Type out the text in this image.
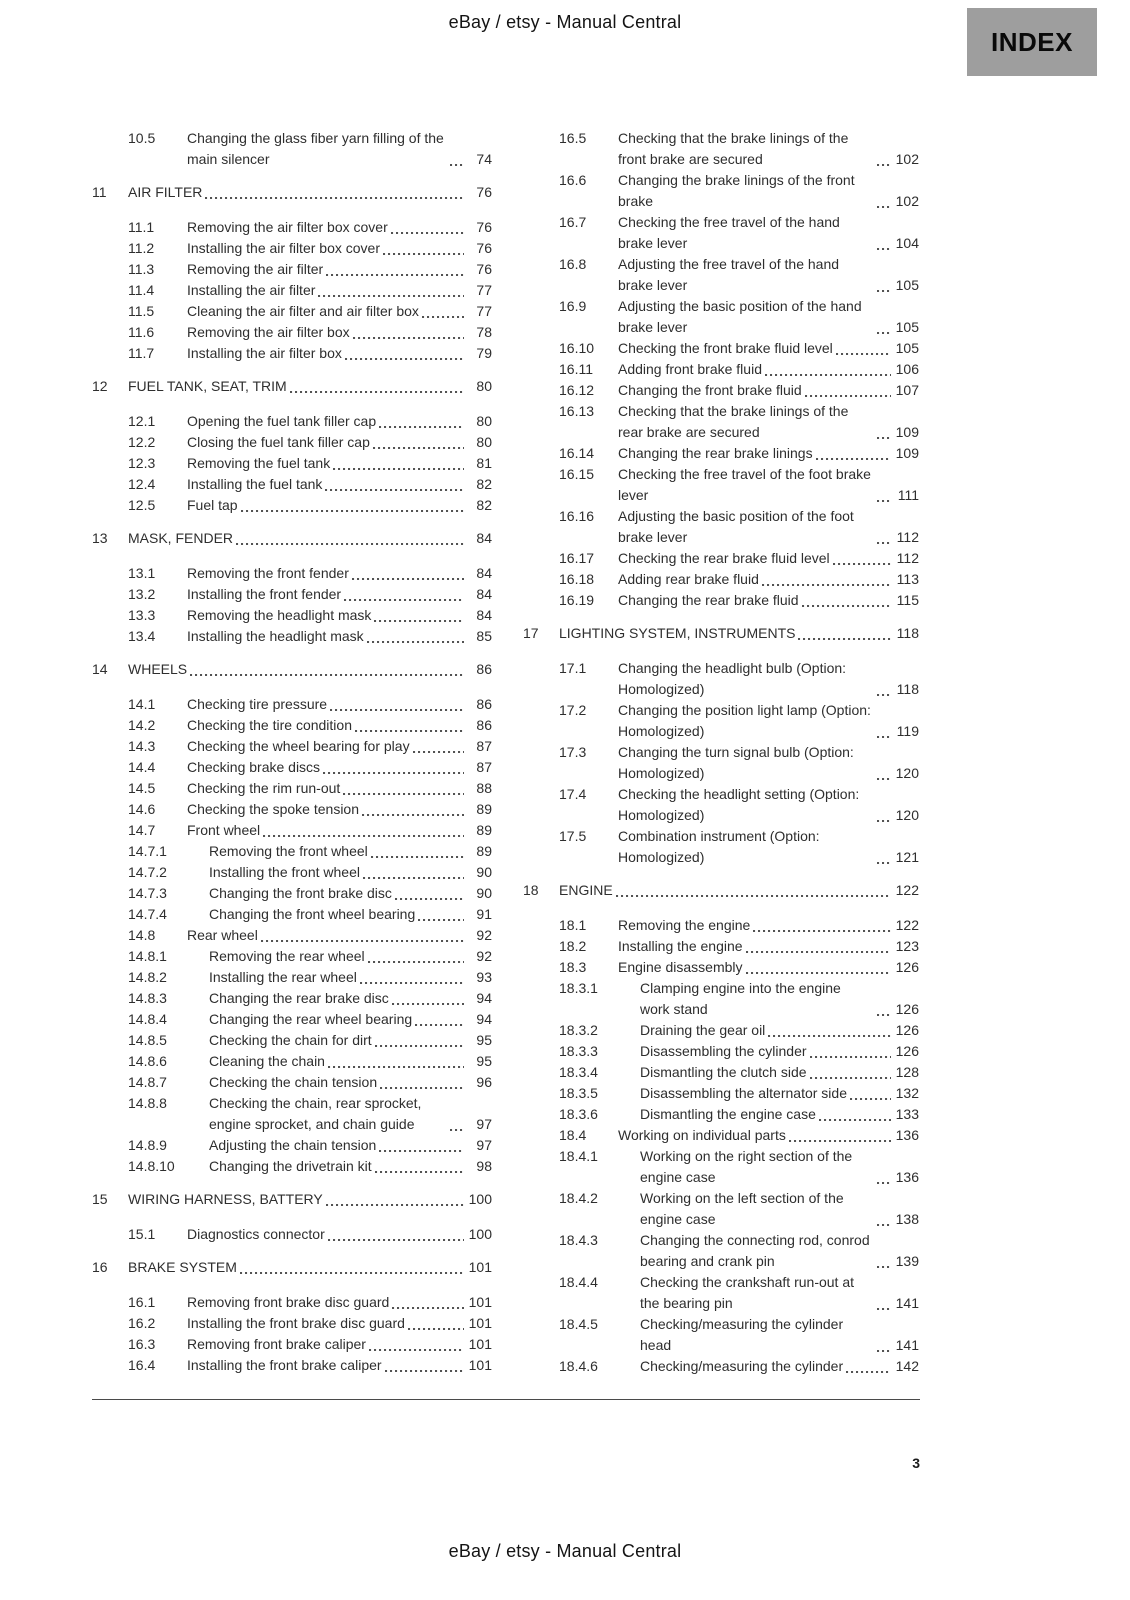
eBay / etsy - Manual Central
INDEX
10.5	Changing the glass fiber yarn filling of the main silencer	74
11	AIR FILTER	76
11.1	Removing the air filter box cover	76
11.2	Installing the air filter box cover	76
11.3	Removing the air filter	76
11.4	Installing the air filter	77
11.5	Cleaning the air filter and air filter box	77
11.6	Removing the air filter box	78
11.7	Installing the air filter box	79
12	FUEL TANK, SEAT, TRIM	80
12.1	Opening the fuel tank filler cap	80
12.2	Closing the fuel tank filler cap	80
12.3	Removing the fuel tank	81
12.4	Installing the fuel tank	82
12.5	Fuel tap	82
13	MASK, FENDER	84
13.1	Removing the front fender	84
13.2	Installing the front fender	84
13.3	Removing the headlight mask	84
13.4	Installing the headlight mask	85
14	WHEELS	86
14.1	Checking tire pressure	86
14.2	Checking the tire condition	86
14.3	Checking the wheel bearing for play	87
14.4	Checking brake discs	87
14.5	Checking the rim run-out	88
14.6	Checking the spoke tension	89
14.7	Front wheel	89
14.7.1	Removing the front wheel	89
14.7.2	Installing the front wheel	90
14.7.3	Changing the front brake disc	90
14.7.4	Changing the front wheel bearing	91
14.8	Rear wheel	92
14.8.1	Removing the rear wheel	92
14.8.2	Installing the rear wheel	93
14.8.3	Changing the rear brake disc	94
14.8.4	Changing the rear wheel bearing	94
14.8.5	Checking the chain for dirt	95
14.8.6	Cleaning the chain	95
14.8.7	Checking the chain tension	96
14.8.8	Checking the chain, rear sprocket, engine sprocket, and chain guide	97
14.8.9	Adjusting the chain tension	97
14.8.10	Changing the drivetrain kit	98
15	WIRING HARNESS, BATTERY	100
15.1	Diagnostics connector	100
16	BRAKE SYSTEM	101
16.1	Removing front brake disc guard	101
16.2	Installing the front brake disc guard	101
16.3	Removing front brake caliper	101
16.4	Installing the front brake caliper	101
16.5	Checking that the brake linings of the front brake are secured	102
16.6	Changing the brake linings of the front brake	102
16.7	Checking the free travel of the hand brake lever	104
16.8	Adjusting the free travel of the hand brake lever	105
16.9	Adjusting the basic position of the hand brake lever	105
16.10	Checking the front brake fluid level	105
16.11	Adding front brake fluid	106
16.12	Changing the front brake fluid	107
16.13	Checking that the brake linings of the rear brake are secured	109
16.14	Changing the rear brake linings	109
16.15	Checking the free travel of the foot brake lever	111
16.16	Adjusting the basic position of the foot brake lever	112
16.17	Checking the rear brake fluid level	112
16.18	Adding rear brake fluid	113
16.19	Changing the rear brake fluid	115
17	LIGHTING SYSTEM, INSTRUMENTS	118
17.1	Changing the headlight bulb (Option: Homologized)	118
17.2	Changing the position light lamp (Option: Homologized)	119
17.3	Changing the turn signal bulb (Option: Homologized)	120
17.4	Checking the headlight setting (Option: Homologized)	120
17.5	Combination instrument (Option: Homologized)	121
18	ENGINE	122
18.1	Removing the engine	122
18.2	Installing the engine	123
18.3	Engine disassembly	126
18.3.1	Clamping engine into the engine work stand	126
18.3.2	Draining the gear oil	126
18.3.3	Disassembling the cylinder	126
18.3.4	Dismantling the clutch side	128
18.3.5	Disassembling the alternator side	132
18.3.6	Dismantling the engine case	133
18.4	Working on individual parts	136
18.4.1	Working on the right section of the engine case	136
18.4.2	Working on the left section of the engine case	138
18.4.3	Changing the connecting rod, conrod bearing and crank pin	139
18.4.4	Checking the crankshaft run-out at the bearing pin	141
18.4.5	Checking/measuring the cylinder head	141
18.4.6	Checking/measuring the cylinder	142
3
eBay / etsy - Manual Central
